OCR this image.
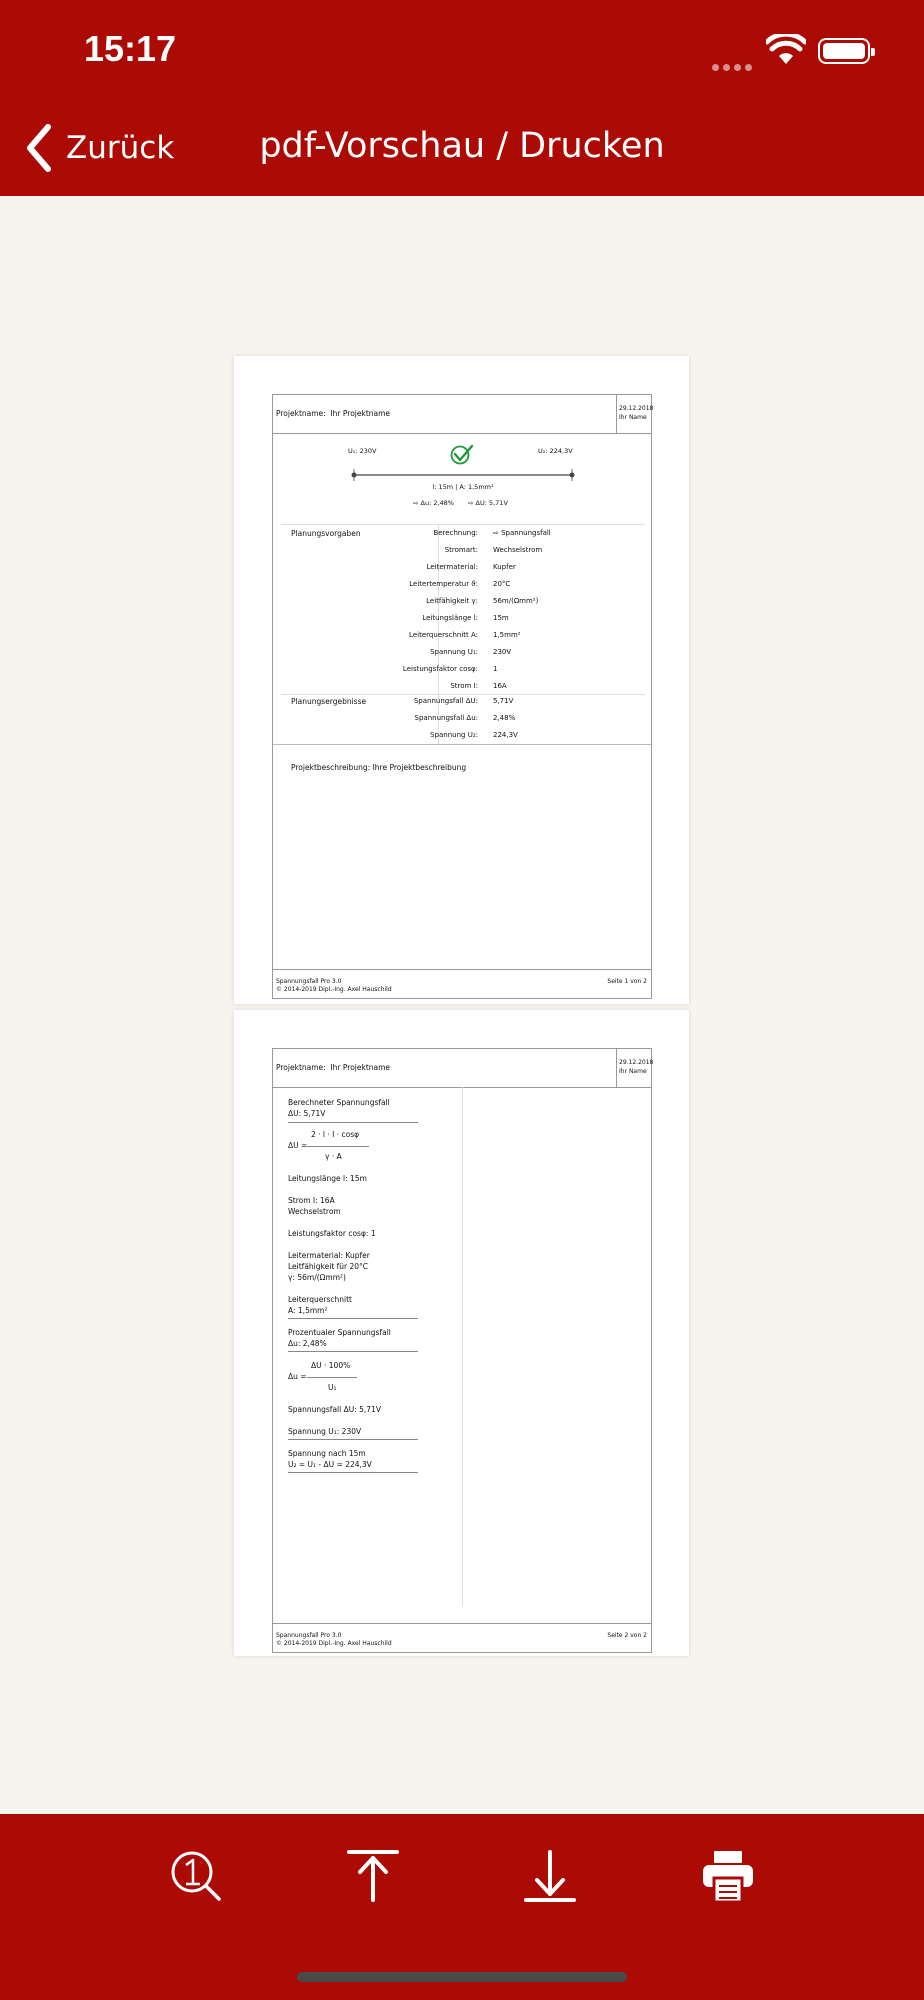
15:17
Zurück	pdf-Vorschau / Drucken
Projektname: Ihr Projektname
29.12.2018
Ihr Name
U₁: 230V	U₂: 224,3V
l: 15m | A: 1,5mm²
⇨ Δu: 2,48% ⇨ ΔU: 5,71V
Planungsvorgaben	Berechnung: ⇨ Spannungsfall
Stromart: Wechselstrom
Leitermaterial: Kupfer
Leitertemperatur ϑ: 20°C
Leitfähigkeit γ: 56m/(Ωmm²)
Leitungslänge l: 15m
Leiterquerschnitt A: 1,5mm²
Spannung U₁: 230V
Leistungsfaktor cosφ: 1
Strom I: 16A
Planungsergebnisse	Spannungsfall ΔU: 5,71V
Spannungsfall Δu: 2,48%
Spannung U₂: 224,3V
Projektbeschreibung: Ihre Projektbeschreibung
Spannungsfall Pro 3.0
© 2014-2019 Dipl.-Ing. Axel Hauschild
Seite 1 von 2
Projektname: Ihr Projektname
29.12.2018
Ihr Name
Berechneter Spannungsfall
ΔU: 5,71V
2 · l · I · cosφ
ΔU =
γ · A
Leitungslänge l: 15m
Strom I: 16A
Wechselstrom
Leistungsfaktor cosφ: 1
Leitermaterial: Kupfer
Leitfähigkeit für 20°C
γ: 56m/(Ωmm²)
Leiterquerschnitt
A: 1,5mm²
Prozentualer Spannungsfall
Δu: 2,48%
ΔU · 100%
Δu =
U₁
Spannungsfall ΔU: 5,71V
Spannung U₁: 230V
Spannung nach 15m
U₂ = U₁ - ΔU = 224,3V
Spannungsfall Pro 3.0
© 2014-2019 Dipl.-Ing. Axel Hauschild
Seite 2 von 2
